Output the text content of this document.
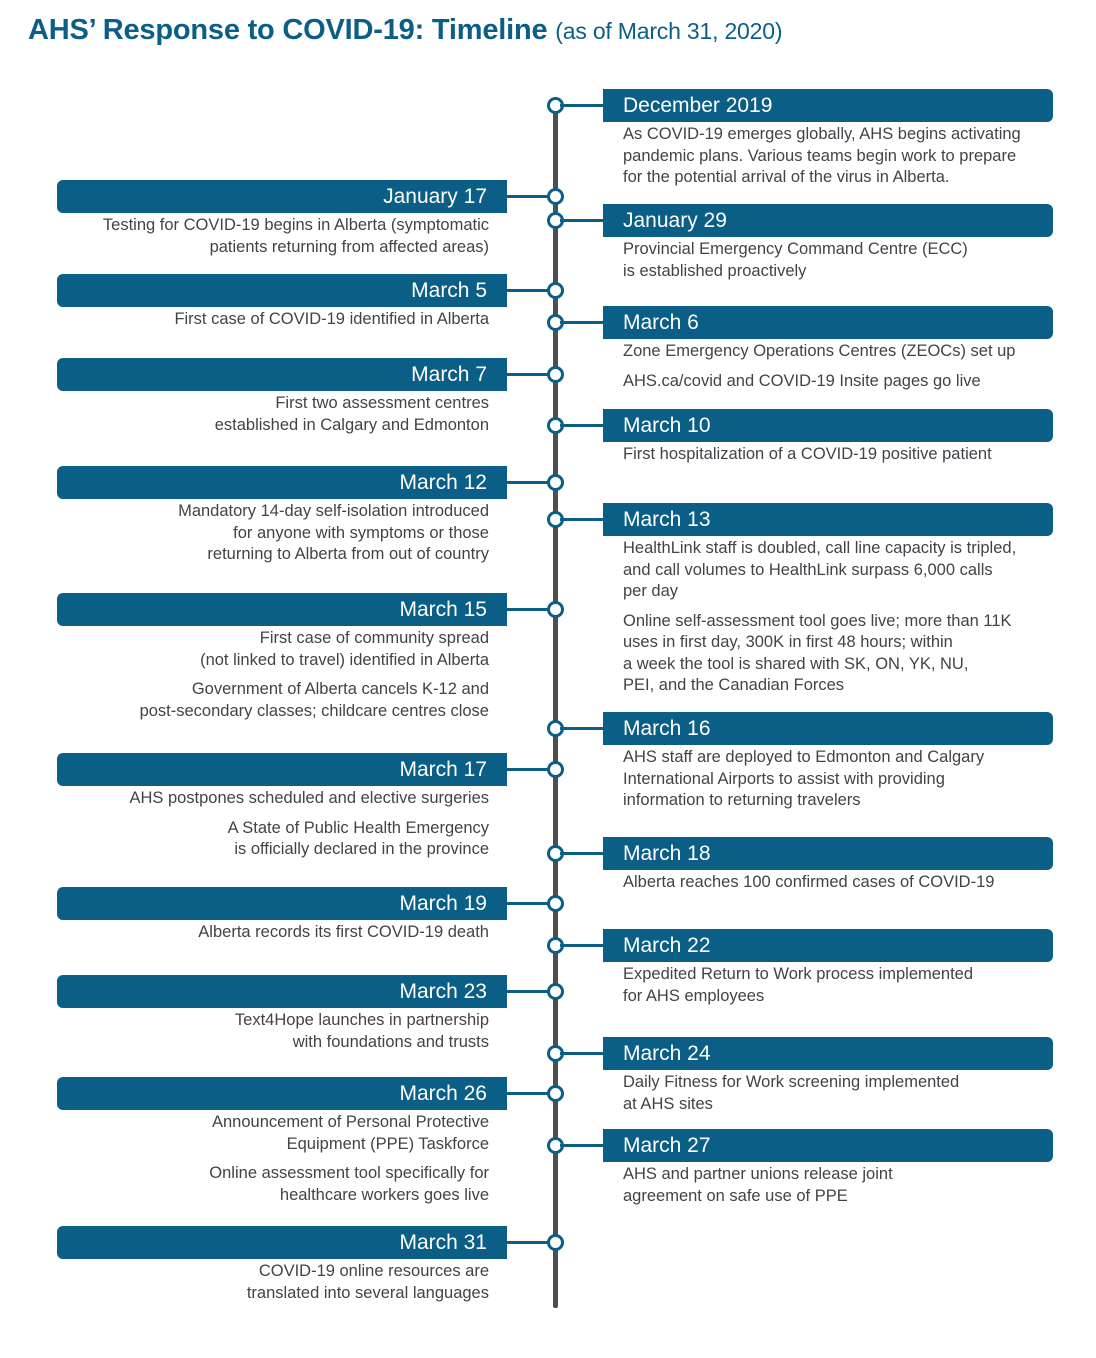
AHS’ Response to COVID-19: Timeline (as of March 31, 2020)
December 2019

As COVID-19 emerges globally, AHS begins activating
pandemic plans. Various teams begin work to prepare
for the potential arrival of the virus in Alberta.

January 17

Testing for COVID-19 begins in Alberta (symptomatic
patients returning from affected areas)

January 29

Provincial Emergency Command Centre (ECC)
is established proactively

March 5

First case of COVID-19 identified in Alberta	March 6

Zone Emergency Operations Centres (ZEOCs) set up

AHS.ca/covid and COVID-19 Insite pages go live

March 7

First two assessment centres
established in Calgary and Edmonton	March 10

First hospitalization of a COVID-19 positive patient

March 12

Mandatory 14-day self-isolation introduced
for anyone with symptoms or those
returning to Alberta from out of country

March 13

HealthLink staff is doubled, call line capacity is tripled,
and call volumes to HealthLink surpass 6,000 calls
per day

Online self-assessment tool goes live; more than 11K
uses in first day, 300K in first 48 hours; within
a week the tool is shared with SK, ON, YK, NU,
PEI, and the Canadian Forces

March 15

First case of community spread
(not linked to travel) identified in Alberta

Government of Alberta cancels K-12 and
post-secondary classes; childcare centres close

March 16

AHS staff are deployed to Edmonton and Calgary
International Airports to assist with providing
information to returning travelers

March 17

AHS postpones scheduled and elective surgeries

A State of Public Health Emergency
is officially declared in the province	March 18

Alberta reaches 100 confirmed cases of COVID-19

March 19

Alberta records its first COVID-19 death

March 22

Expedited Return to Work process implemented
for AHS employees

March 23

Text4Hope launches in partnership
with foundations and trusts

March 24

Daily Fitness for Work screening implemented
at AHS sites

March 26

Announcement of Personal Protective
Equipment (PPE) Taskforce

Online assessment tool specifically for
healthcare workers goes live

March 27

AHS and partner unions release joint
agreement on safe use of PPE

March 31

COVID-19 online resources are
translated into several languages
